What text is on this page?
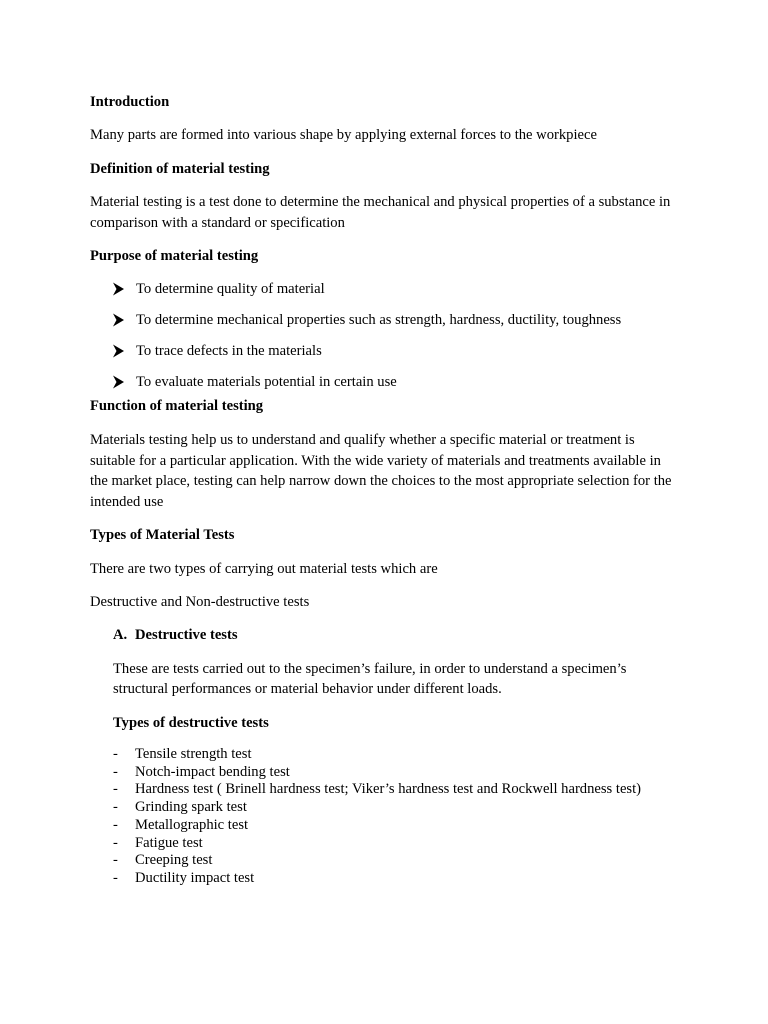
Introduction
Many parts are formed into various shape by applying external forces to the workpiece
Definition of material testing
Material testing is a test done to determine the mechanical and physical properties of a substance in comparison with a standard or specification
Purpose of material testing
To determine quality of material
To determine mechanical properties such as strength, hardness, ductility, toughness
To trace defects in the materials
To evaluate materials potential in certain use
Function of material testing
Materials testing help us to understand and qualify whether a specific material or treatment is suitable for a particular application. With the wide variety of materials and treatments available in the market place, testing can help narrow down the choices to the most appropriate selection for the intended use
Types of Material Tests
There are two types of carrying out material tests which are
Destructive and Non-destructive tests
A. Destructive tests
These are tests carried out to the specimen’s failure, in order to understand a specimen’s structural performances or material behavior under different loads.
Types of destructive tests
- Tensile strength test
- Notch-impact bending test
- Hardness test ( Brinell hardness test; Viker’s hardness test and Rockwell hardness test)
- Grinding spark test
- Metallographic test
- Fatigue test
- Creeping test
- Ductility impact test
